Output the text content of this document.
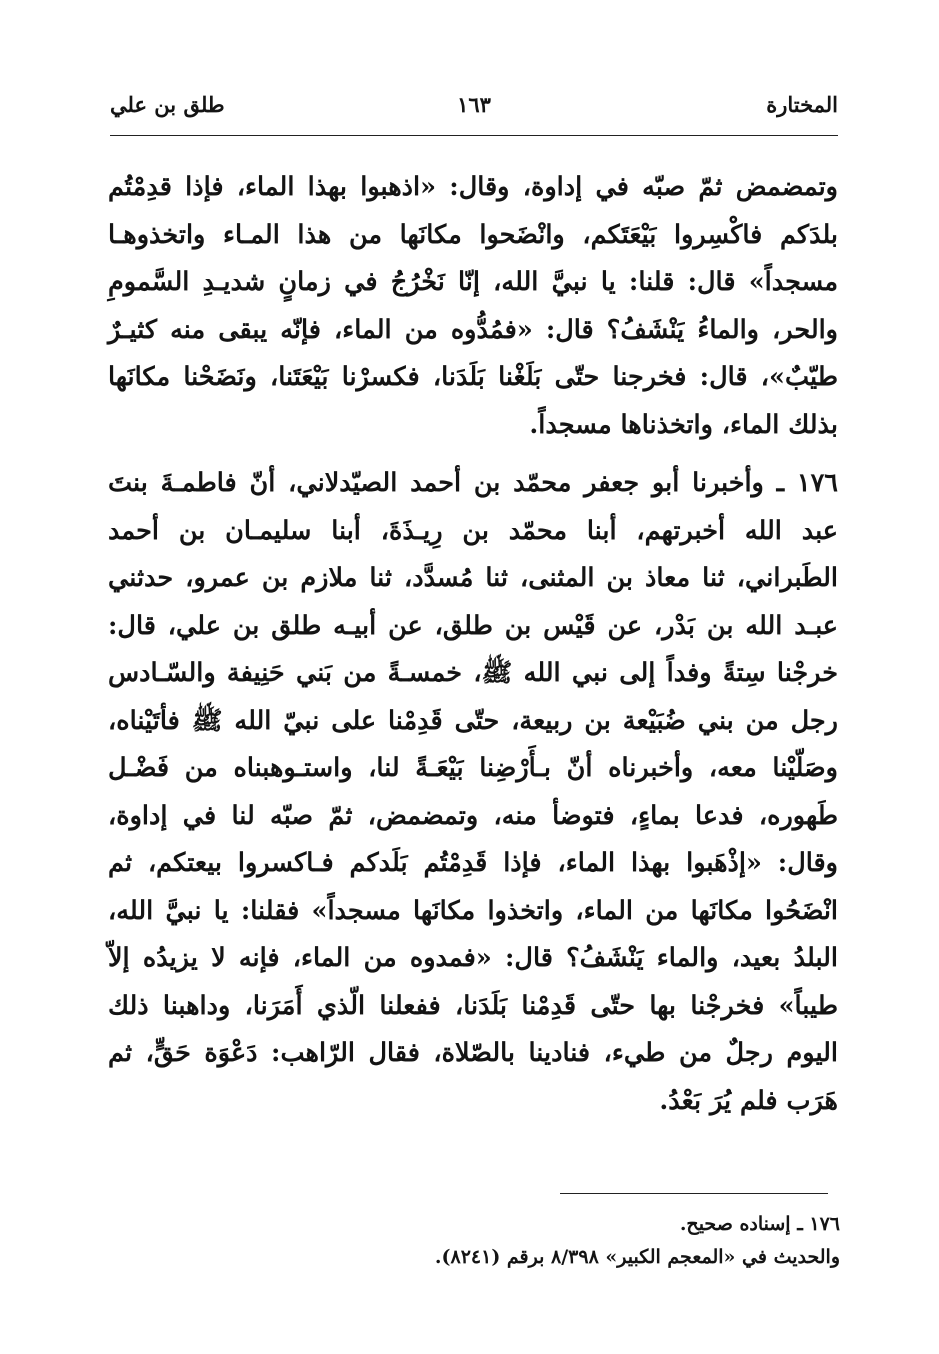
المختارة
١٦٣
طلق بن علي

وتمضمض ثمّ صبّه في إداوة، وقال: «اذهبوا بهذا الماء، فإذا قدِمْتُم بلدَكم فاكْسِروا بَيْعَتَكم، وانْضَحوا مكانَها من هذا المـاء واتخذوهـا مسجداً» قال: قلنا: يا نبيَّ الله، إنّا نَخْرُجُ في زمانٍ شديـدِ السَّمومِ والحر، والماءُ يَنْشَفُ؟ قال: «فمُدُّوه من الماء، فإنّه يبقى منه كثيـرٌ طيّبٌ»، قال: فخرجنا حتّى بَلَغْنا بَلَدَنا، فكسرْنا بَيْعَتَنا، ونَضَحْنا مكانَها بذلك الماء، واتخذناها مسجداً.

١٧٦ ـ وأخبرنا أبو جعفر محمّد بن أحمد الصيّدلاني، أنّ فاطمـةَ بنتَ عبد الله أخبرتهم، أبنا محمّد بن رِيـذَةَ، أبنا سليمـان بن أحمد الطَبراني، ثنا معاذ بن المثنى، ثنا مُسدَّد، ثنا ملازم بن عمرو، حدثني عبـد الله بن بَدْر، عن قَيْس بن طلق، عن أبيـه طلق بن علي، قال: خرجْنا سِتةً وفداً إلى نبي الله ﷺ، خمسـةً من بَني حَنِيفة والسّـادس رجل من بني ضُبَيْعة بن ربيعة، حتّى قَدِمْنا على نبيّ الله ﷺ فأتَيْناه، وصَلّيْنا معه، وأخبرناه أنّ بـأَرْضِنا بَيْعَـةً لنا، واستـوهبناه من فَضْـل طَهوره، فدعا بماءٍ، فتوضأ منه، وتمضمض، ثمّ صبّه لنا في إداوة، وقال: «إذْهَبوا بهذا الماء، فإذا قَدِمْتُم بَلَدكم فـاكسروا بيعتكم، ثم انْضَحُوا مكانَها من الماء، واتخذوا مكانَها مسجداً» فقلنا: يا نبيَّ الله، البلدُ بعيد، والماء يَنْشَفُ؟ قال: «فمدوه من الماء، فإنه لا يزيدُه إلاّ طيباً» فخرجْنا بها حتّى قَدِمْنا بَلَدَنا، ففعلنا الّذي أَمَرَنا، وداهبنا ذلك اليوم رجلٌ من طيء، فنادينا بالصّلاة، فقال الرّاهب: دَعْوَة حَقٍّ، ثم هَرَب فلم يُرَ بَعْدُ.

١٧٦ ـ إسناده صحيح.
والحديث في «المعجم الكبير» ٨/٣٩٨ برقم (٨٢٤١).
